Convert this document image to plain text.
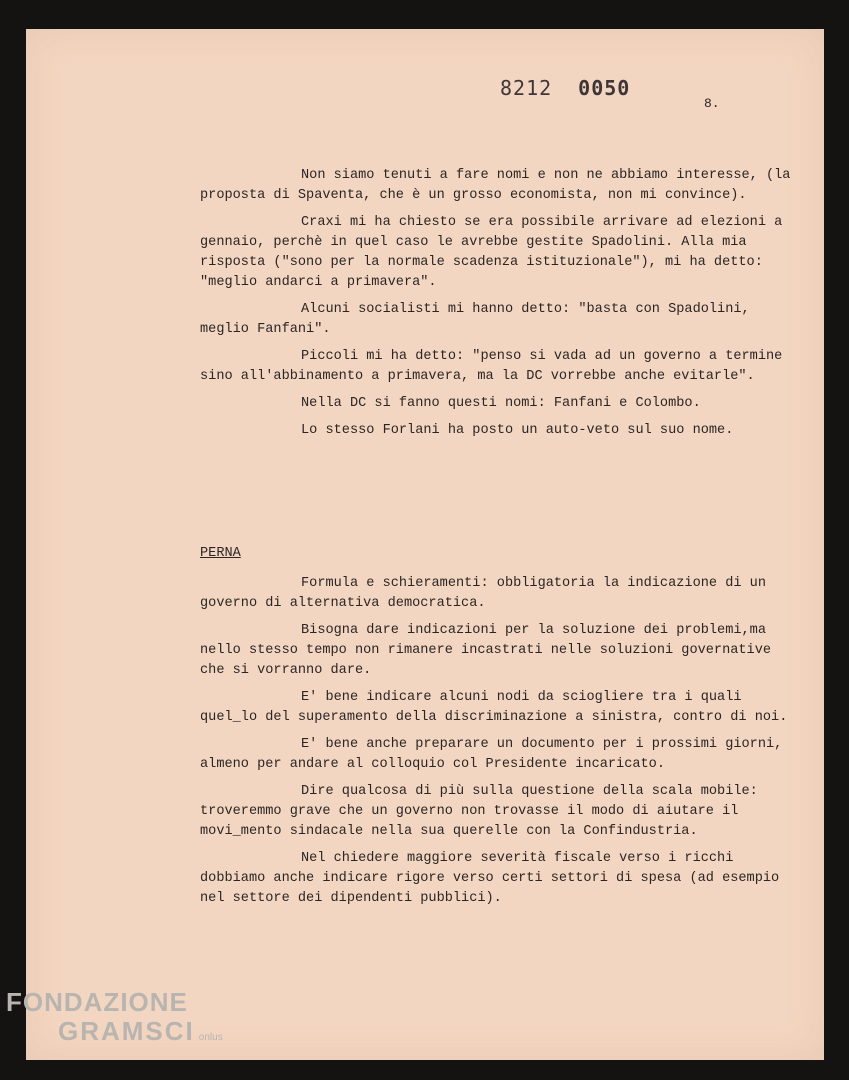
8212 0050
8.

Non siamo tenuti a fare nomi e non ne abbiamo interesse, (la proposta di Spaventa, che è un grosso economista, non mi convince).

Craxi mi ha chiesto se era possibile arrivare ad elezioni a gennaio, perchè in quel caso le avrebbe gestite Spadolini. Alla mia risposta ("sono per la normale scadenza istituzionale"), mi ha detto: "meglio andarci a primavera".

Alcuni socialisti mi hanno detto: "basta con Spadolini, meglio Fanfani".

Piccoli mi ha detto: "penso si vada ad un governo a termine sino all'abbinamento a primavera, ma la DC vorrebbe anche evitarle".

Nella DC si fanno questi nomi: Fanfani e Colombo.

Lo stesso Forlani ha posto un auto-veto sul suo nome.

PERNA

Formula e schieramenti: obbligatoria la indicazione di un governo di alternativa democratica.

Bisogna dare indicazioni per la soluzione dei problemi,ma nello stesso tempo non rimanere incastrati nelle soluzioni governative che si vorranno dare.

E' bene indicare alcuni nodi da sciogliere tra i quali quel_lo del superamento della discriminazione a sinistra, contro di noi.

E' bene anche preparare un documento per i prossimi giorni, almeno per andare al colloquio col Presidente incaricato.

Dire qualcosa di più sulla questione della scala mobile: troveremmo grave che un governo non trovasse il modo di aiutare il movi_mento sindacale nella sua querelle con la Confindustria.

Nel chiedere maggiore severità fiscale verso i ricchi dobbiamo anche indicare rigore verso certi settori di spesa (ad esempio nel settore dei dipendenti pubblici).

FONDAZIONE
GRAMSCI onlus
